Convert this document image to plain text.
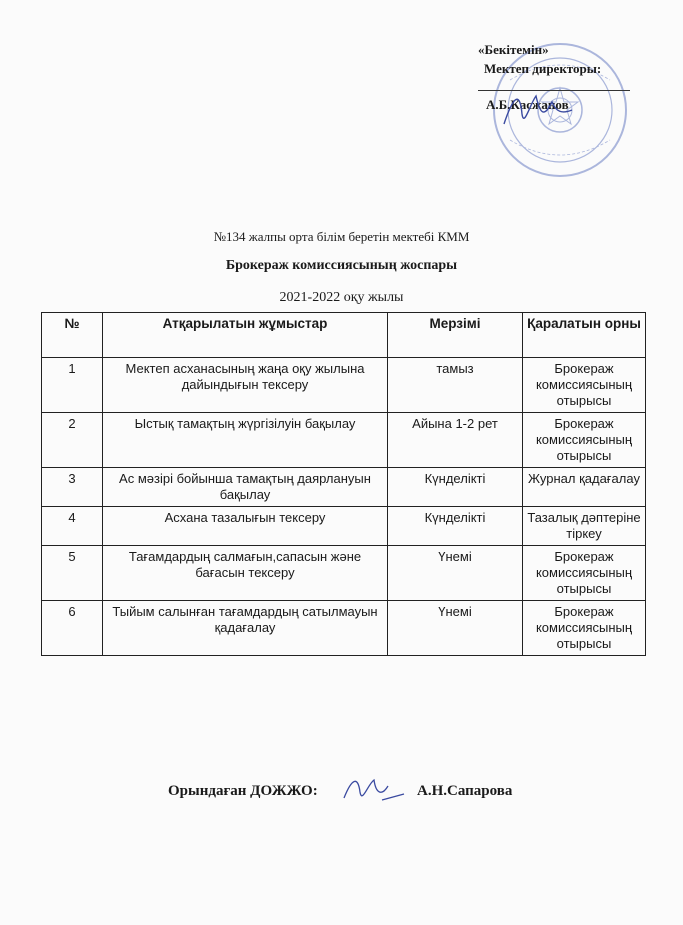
«Бекітемін»
Мектеп директоры:
А.Б.Касжанов
№134 жалпы орта білім беретін мектебі КММ
Брокераж комиссиясының жоспары
2021-2022 оқу жылы
№	Атқарылатын жұмыстар	Мерзімі	Қаралатын орны
1	Мектеп асханасының жаңа оқу жылына дайындығын тексеру	тамыз	Брокераж комиссиясының отырысы
2	Ыстық тамақтың жүргізілуін бақылау	Айына 1-2 рет	Брокераж комиссиясының отырысы
3	Ас мәзірі бойынша тамақтың даярлануын бақылау	Күнделікті	Журнал қадағалау
4	Асхана тазалығын тексеру	Күнделікті	Тазалық дәптеріне тіркеу
5	Тағамдардың салмағын,сапасын және бағасын тексеру	Үнемі	Брокераж комиссиясының отырысы
6	Тыйым салынған тағамдардың сатылмауын қадағалау	Үнемі	Брокераж комиссиясының отырысы
Орындаған ДОЖЖО:	А.Н.Сапарова
